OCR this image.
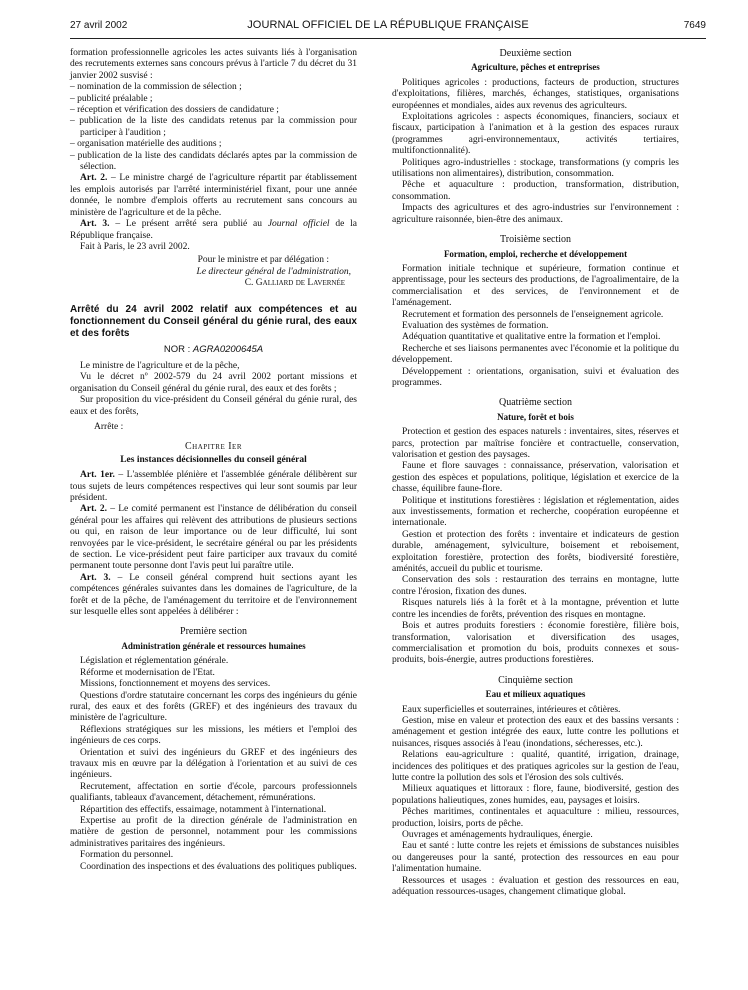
27 avril 2002	JOURNAL OFFICIEL DE LA RÉPUBLIQUE FRANÇAISE	7649

formation professionnelle agricoles les actes suivants liés à l'organisation des recrutements externes sans concours prévus à l'article 7 du décret du 31 janvier 2002 susvisé :

– nomination de la commission de sélection ;

– publicité préalable ;

– réception et vérification des dossiers de candidature ;

– publication de la liste des candidats retenus par la commission pour participer à l'audition ;

– organisation matérielle des auditions ;

– publication de la liste des candidats déclarés aptes par la commission de sélection.

Art. 2. – Le ministre chargé de l'agriculture répartit par établissement les emplois autorisés par l'arrêté interministériel fixant, pour une année donnée, le nombre d'emplois offerts au recrutement sans concours au ministère de l'agriculture et de la pêche.

Art. 3. – Le présent arrêté sera publié au Journal officiel de la République française.

Fait à Paris, le 23 avril 2002.

Pour le ministre et par délégation :

Le directeur général de l'administration,

C. Galliard de Lavernée

Arrêté du 24 avril 2002 relatif aux compétences et au fonctionnement du Conseil général du génie rural, des eaux et des forêts

NOR : AGRA0200645A

Le ministre de l'agriculture et de la pêche,

Vu le décret nº 2002-579 du 24 avril 2002 portant missions et organisation du Conseil général du génie rural, des eaux et des forêts ;

Sur proposition du vice-président du Conseil général du génie rural, des eaux et des forêts,

Arrête :

Chapitre Ier

Les instances décisionnelles du conseil général

Art. 1er. – L'assemblée plénière et l'assemblée générale délibèrent sur tous sujets de leurs compétences respectives qui leur sont soumis par leur président.

Art. 2. – Le comité permanent est l'instance de délibération du conseil général pour les affaires qui relèvent des attributions de plusieurs sections ou qui, en raison de leur importance ou de leur difficulté, lui sont renvoyées par le vice-président, le secrétaire général ou par les présidents de section. Le vice-président peut faire participer aux travaux du comité permanent toute personne dont l'avis peut lui paraître utile.

Art. 3. – Le conseil général comprend huit sections ayant les compétences générales suivantes dans les domaines de l'agriculture, de la forêt et de la pêche, de l'aménagement du territoire et de l'environnement sur lesquelle elles sont appelées à délibérer :

Première section

Administration générale et ressources humaines

Législation et réglementation générale.

Réforme et modernisation de l'Etat.

Missions, fonctionnement et moyens des services.

Questions d'ordre statutaire concernant les corps des ingénieurs du génie rural, des eaux et des forêts (GREF) et des ingénieurs des travaux du ministère de l'agriculture.

Réflexions stratégiques sur les missions, les métiers et l'emploi des ingénieurs de ces corps.

Orientation et suivi des ingénieurs du GREF et des ingénieurs des travaux mis en œuvre par la délégation à l'orientation et au suivi de ces ingénieurs.

Recrutement, affectation en sortie d'école, parcours professionnels qualifiants, tableaux d'avancement, détachement, rémunérations.

Répartition des effectifs, essaimage, notamment à l'international.

Expertise au profit de la direction générale de l'administration en matière de gestion de personnel, notamment pour les commissions administratives paritaires des ingénieurs.

Formation du personnel.

Coordination des inspections et des évaluations des politiques publiques.

Deuxième section

Agriculture, pêches et entreprises

Politiques agricoles : productions, facteurs de production, structures d'exploitations, filières, marchés, échanges, statistiques, organisations européennes et mondiales, aides aux revenus des agriculteurs.

Exploitations agricoles : aspects économiques, financiers, sociaux et fiscaux, participation à l'animation et à la gestion des espaces ruraux (programmes agri-environnementaux, activités tertiaires, multifonctionnalité).

Politiques agro-industrielles : stockage, transformations (y compris les utilisations non alimentaires), distribution, consommation.

Pêche et aquaculture : production, transformation, distribution, consommation.

Impacts des agricultures et des agro-industries sur l'environnement : agriculture raisonnée, bien-être des animaux.

Troisième section

Formation, emploi, recherche et développement

Formation initiale technique et supérieure, formation continue et apprentissage, pour les secteurs des productions, de l'agroalimentaire, de la commercialisation et des services, de l'environnement et de l'aménagement.

Recrutement et formation des personnels de l'enseignement agricole.

Evaluation des systèmes de formation.

Adéquation quantitative et qualitative entre la formation et l'emploi.

Recherche et ses liaisons permanentes avec l'économie et la politique du développement.

Développement : orientations, organisation, suivi et évaluation des programmes.

Quatrième section

Nature, forêt et bois

Protection et gestion des espaces naturels : inventaires, sites, réserves et parcs, protection par maîtrise foncière et contractuelle, conservation, valorisation et gestion des paysages.

Faune et flore sauvages : connaissance, préservation, valorisation et gestion des espèces et populations, politique, législation et exercice de la chasse, équilibre faune-flore.

Politique et institutions forestières : législation et réglementation, aides aux investissements, formation et recherche, coopération européenne et internationale.

Gestion et protection des forêts : inventaire et indicateurs de gestion durable, aménagement, sylviculture, boisement et reboisement, exploitation forestière, protection des forêts, biodiversité forestière, aménités, accueil du public et tourisme.

Conservation des sols : restauration des terrains en montagne, lutte contre l'érosion, fixation des dunes.

Risques naturels liés à la forêt et à la montagne, prévention et lutte contre les incendies de forêts, prévention des risques en montagne.

Bois et autres produits forestiers : économie forestière, filière bois, transformation, valorisation et diversification des usages, commercialisation et promotion du bois, produits connexes et sous-produits, bois-énergie, autres productions forestières.

Cinquième section

Eau et milieux aquatiques

Eaux superficielles et souterraines, intérieures et côtières.

Gestion, mise en valeur et protection des eaux et des bassins versants : aménagement et gestion intégrée des eaux, lutte contre les pollutions et nuisances, risques associés à l'eau (inondations, sécheresses, etc.).

Relations eau-agriculture : qualité, quantité, irrigation, drainage, incidences des politiques et des pratiques agricoles sur la gestion de l'eau, lutte contre la pollution des sols et l'érosion des sols cultivés.

Milieux aquatiques et littoraux : flore, faune, biodiversité, gestion des populations halieutiques, zones humides, eau, paysages et loisirs.

Pêches maritimes, continentales et aquaculture : milieu, ressources, production, loisirs, ports de pêche.

Ouvrages et aménagements hydrauliques, énergie.

Eau et santé : lutte contre les rejets et émissions de substances nuisibles ou dangereuses pour la santé, protection des ressources en eau pour l'alimentation humaine.

Ressources et usages : évaluation et gestion des ressources en eau, adéquation ressources-usages, changement climatique global.
